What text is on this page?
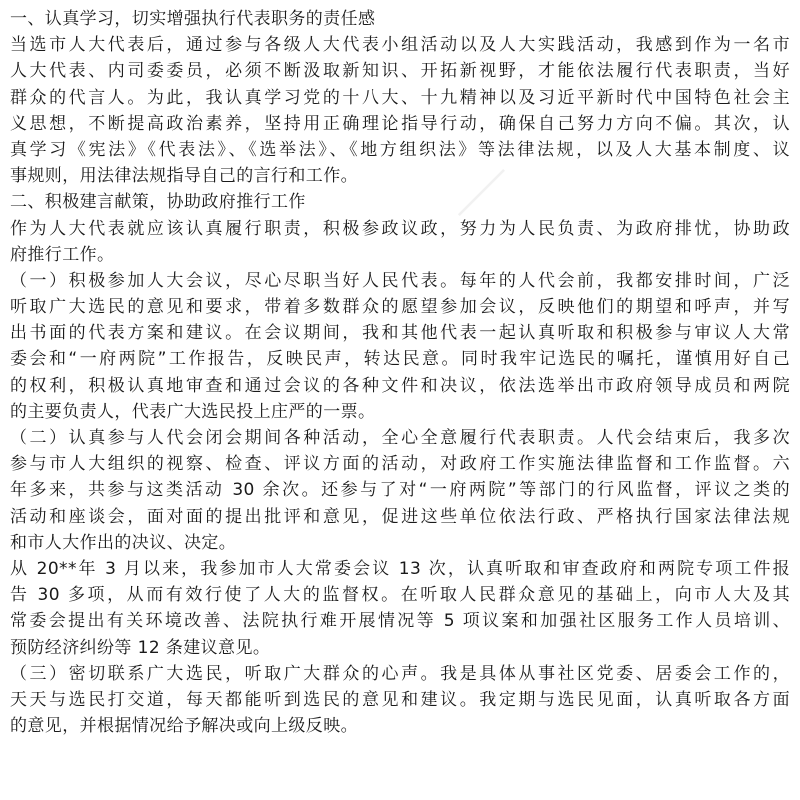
＿
一、认真学习，切实增强执行代表职务的责任感
当选市人大代表后，通过参与各级人大代表小组活动以及人大实践活动，我感到作为一名市
人大代表、内司委委员，必须不断汲取新知识、开拓新视野，才能依法履行代表职责，当好
群众的代言人。为此，我认真学习党的十八大、十九精神以及习近平新时代中国特色社会主
义思想，不断提高政治素养，坚持用正确理论指导行动，确保自己努力方向不偏。其次，认
真学习《宪法》《代表法》、《选举法》、《地方组织法》等法律法规，以及人大基本制度、议
事规则，用法律法规指导自己的言行和工作。
二、积极建言献策，协助政府推行工作
作为人大代表就应该认真履行职责，积极参政议政，努力为人民负责、为政府排忧，协助政
府推行工作。
（一）积极参加人大会议，尽心尽职当好人民代表。每年的人代会前，我都安排时间，广泛
听取广大选民的意见和要求，带着多数群众的愿望参加会议，反映他们的期望和呼声，并写
出书面的代表方案和建议。在会议期间，我和其他代表一起认真听取和积极参与审议人大常
委会和“一府两院”工作报告，反映民声，转达民意。同时我牢记选民的嘱托，谨慎用好自己
的权利，积极认真地审查和通过会议的各种文件和决议，依法选举出市政府领导成员和两院
的主要负责人，代表广大选民投上庄严的一票。
（二）认真参与人代会闭会期间各种活动，全心全意履行代表职责。人代会结束后，我多次
参与市人大组织的视察、检查、评议方面的活动，对政府工作实施法律监督和工作监督。六
年多来，共参与这类活动 30 余次。还参与了对“一府两院”等部门的行风监督，评议之类的
活动和座谈会，面对面的提出批评和意见，促进这些单位依法行政、严格执行国家法律法规
和市人大作出的决议、决定。
从 20**年 3 月以来，我参加市人大常委会议 13 次，认真听取和审查政府和两院专项工件报
告 30 多项，从而有效行使了人大的监督权。在听取人民群众意见的基础上，向市人大及其
常委会提出有关环境改善、法院执行难开展情况等 5 项议案和加强社区服务工作人员培训、
预防经济纠纷等 12 条建议意见。
（三）密切联系广大选民，听取广大群众的心声。我是具体从事社区党委、居委会工作的，
天天与选民打交道，每天都能听到选民的意见和建议。我定期与选民见面，认真听取各方面
的意见，并根据情况给予解决或向上级反映。
